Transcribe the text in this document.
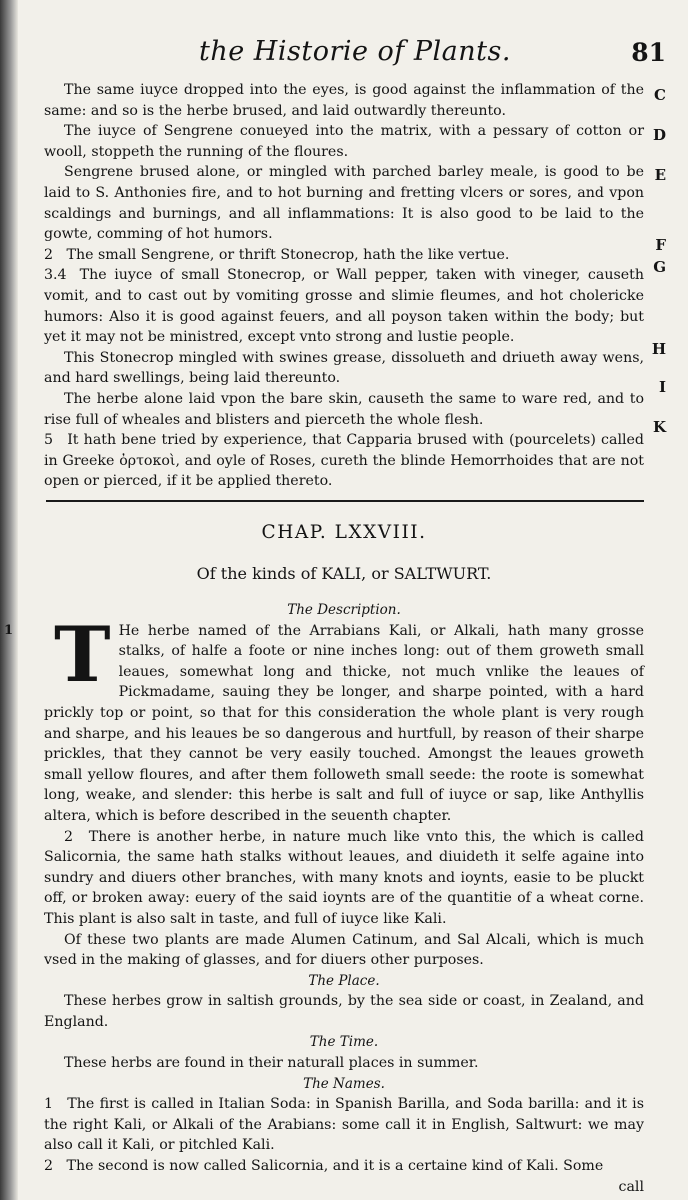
the Historie of Plants.	81

The same iuyce dropped into the eyes, is good against the inflammation of the same: and so is the herbe brused, and laid outwardly thereunto.

The iuyce of Sengrene conueyed into the matrix, with a pessary of cotton or wooll, stoppeth the running of the floures.

Sengrene brused alone, or mingled with parched barley meale, is good to be laid to S. Anthonies fire, and to hot burning and fretting vlcers or sores, and vpon scaldings and burnings, and all inflammations: It is also good to be laid to the gowte, comming of hot humors.

2 The small Sengrene, or thrift Stonecrop, hath the like vertue.

3.4 The iuyce of small Stonecrop, or Wall pepper, taken with vineger, causeth vomit, and to cast out by vomiting grosse and slimie fleumes, and hot cholericke humors: Also it is good against feuers, and all poyson taken within the body; but yet it may not be ministred, except vnto strong and lustie people.

This Stonecrop mingled with swines grease, dissolueth and driueth away wens, and hard swellings, being laid thereunto.

The herbe alone laid vpon the bare skin, causeth the same to ware red, and to rise full of wheales and blisters and pierceth the whole flesh.

5 It hath bene tried by experience, that Capparia brused with (pourcelets) called in Greeke ὀρτοκοὶ, and oyle of Roses, cureth the blinde Hemorrhoides that are not open or pierced, if it be applied thereto.

C
D
E
F
G
H
I
K
CHAP. LXXVIII.
Of the kinds of KALI, or SALTWURT.
The Description.

1 T He herbe named of the Arrabians Kali, or Alkali, hath many grosse stalks, of halfe a foote or nine inches long: out of them groweth small leaues, somewhat long and thicke, not much vnlike the leaues of Pickmadame, sauing they be longer, and sharpe pointed, with a hard prickly top or point, so that for this consideration the whole plant is very rough and sharpe, and his leaues be so dangerous and hurtfull, by reason of their sharpe prickles, that they cannot be very easily touched. Amongst the leaues groweth small yellow floures, and after them followeth small seede: the roote is somewhat long, weake, and slender: this herbe is salt and full of iuyce or sap, like Anthyllis altera, which is before described in the seuenth chapter.

2 There is another herbe, in nature much like vnto this, the which is called Salicornia, the same hath stalks without leaues, and diuideth it selfe againe into sundry and diuers other branches, with many knots and ioynts, easie to be pluckt off, or broken away: euery of the said ioynts are of the quantitie of a wheat corne. This plant is also salt in taste, and full of iuyce like Kali.

Of these two plants are made Alumen Catinum, and Sal Alcali, which is much vsed in the making of glasses, and for diuers other purposes.

The Place.

These herbes grow in saltish grounds, by the sea side or coast, in Zealand, and England.

The Time.

These herbs are found in their naturall places in summer.

The Names.

1 The first is called in Italian Soda: in Spanish Barilla, and Soda barilla: and it is the right Kali, or Alkali of the Arabians: some call it in English, Saltwurt: we may also call it Kali, or pitchled Kali.

2 The second is now called Salicornia, and it is a certaine kind of Kali. Some

call
